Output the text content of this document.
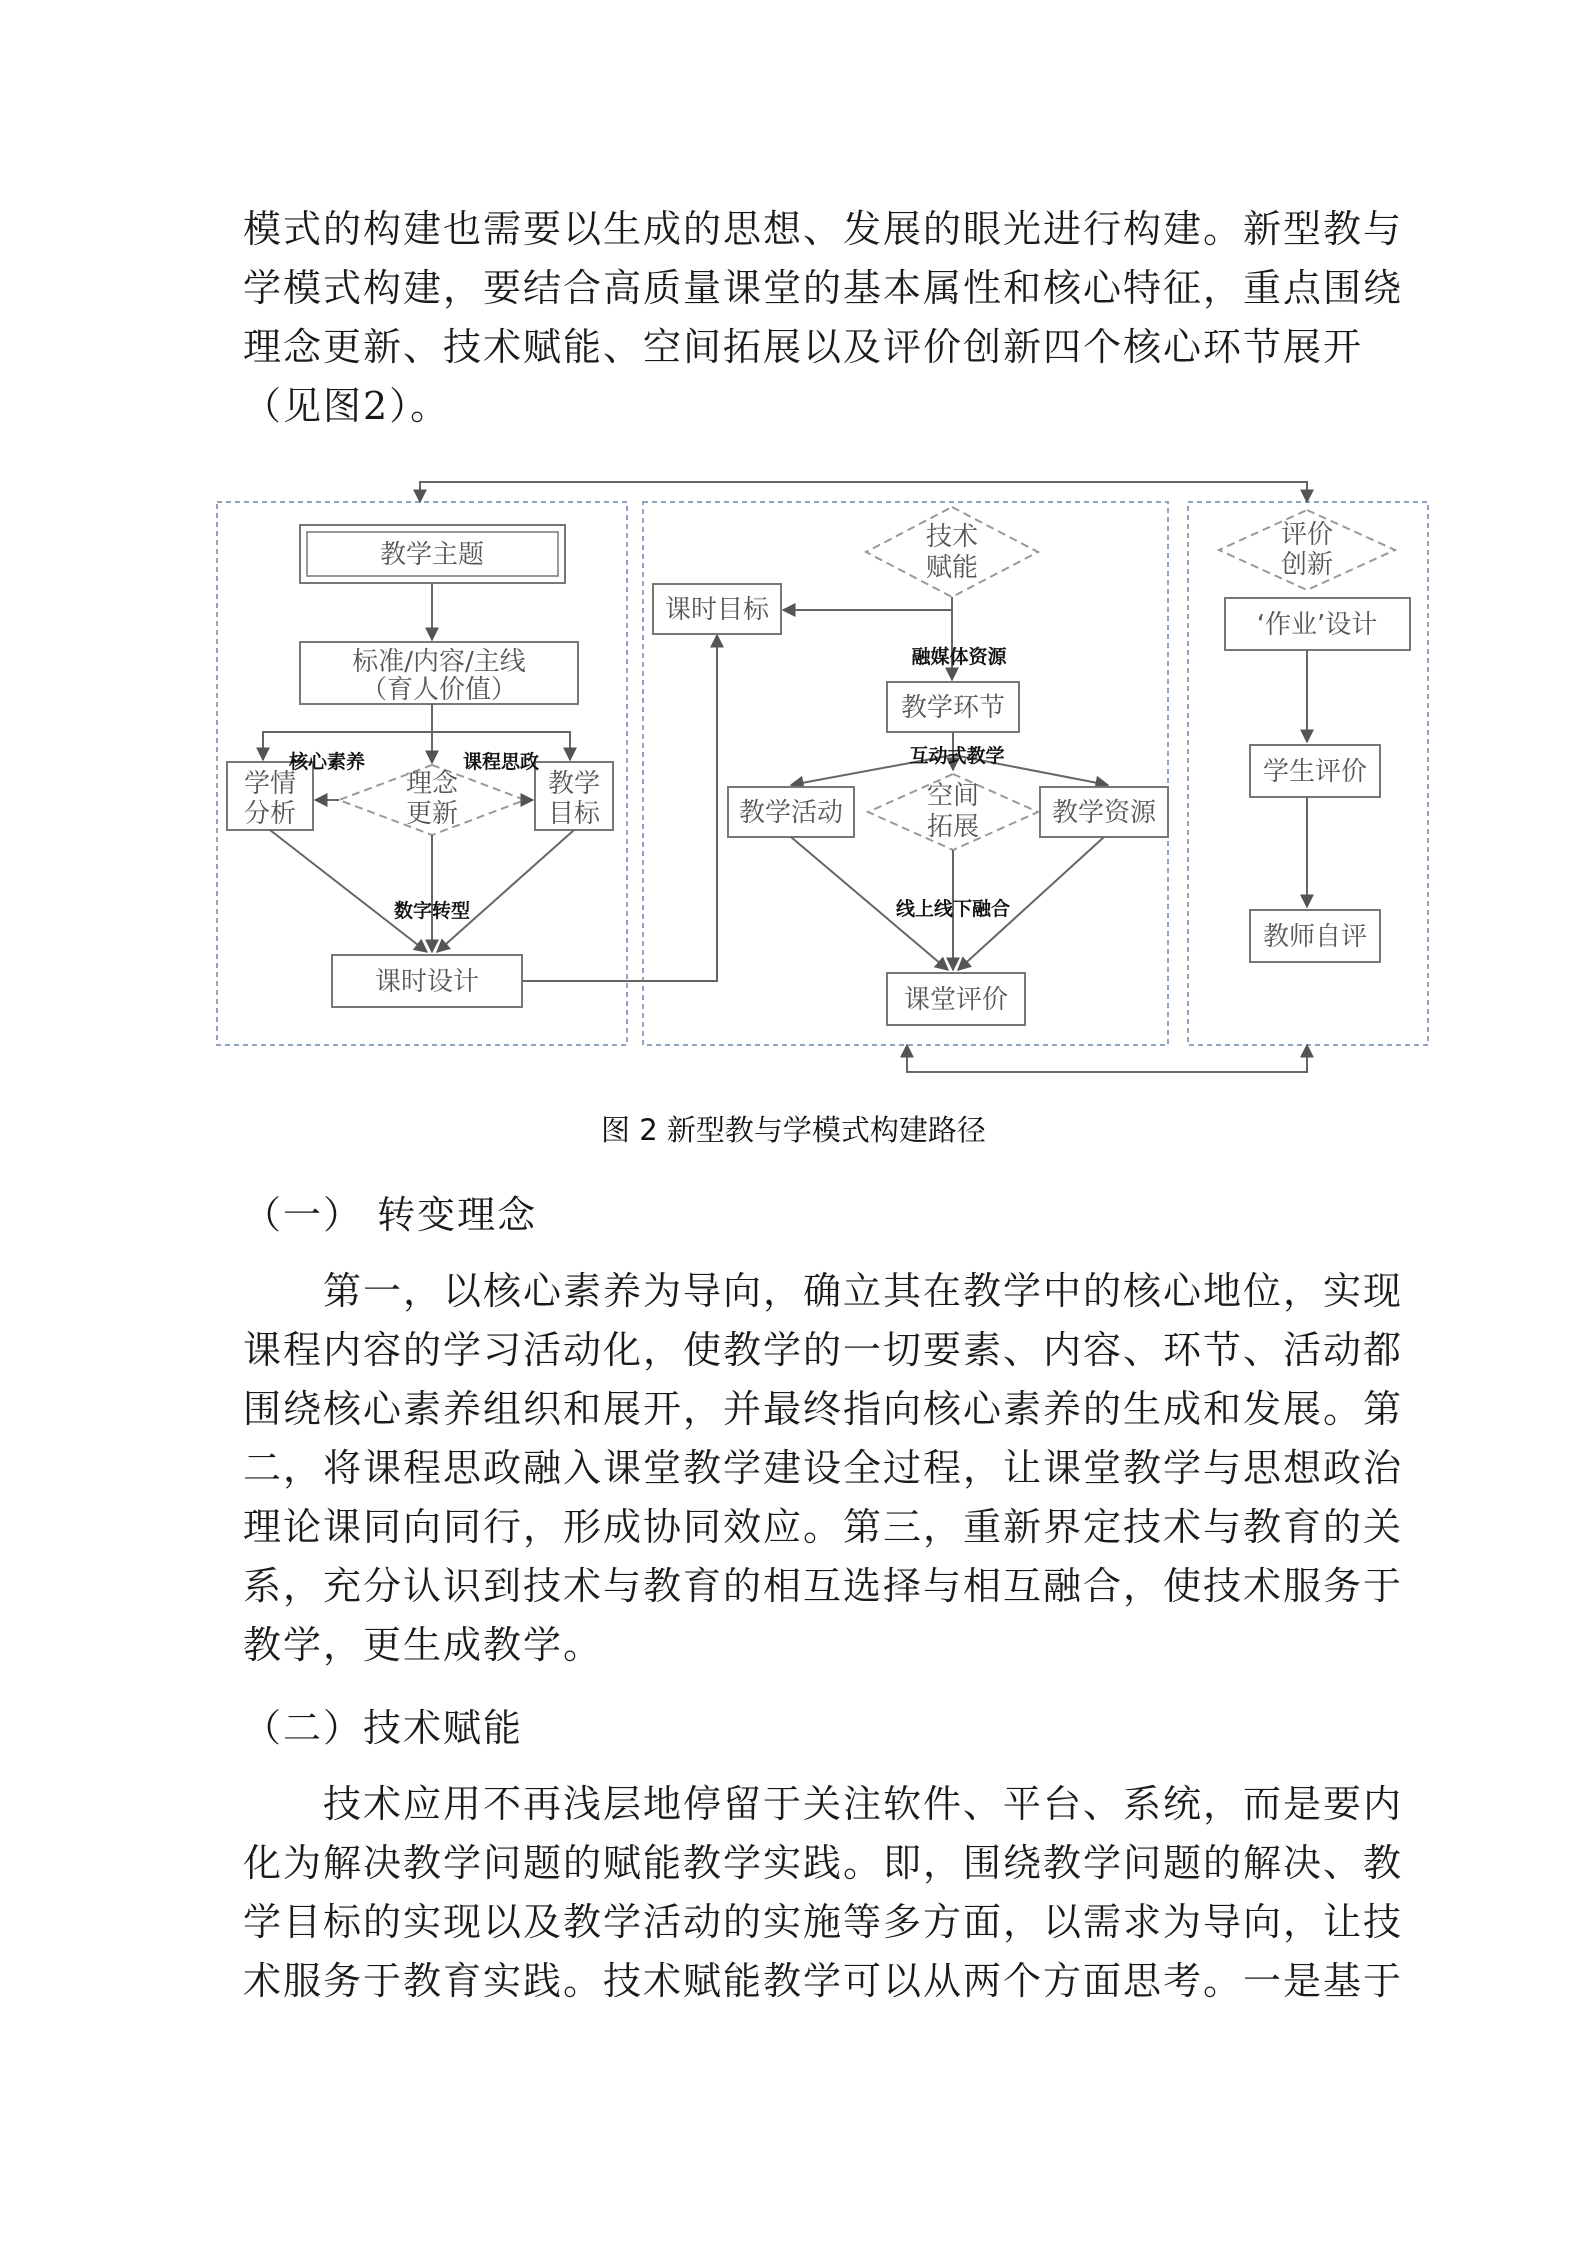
模式的构建也需要以生成的思想、发展的眼光进行构建。新型教与学模式构建，要结合高质量课堂的基本属性和核心特征，重点围绕理念更新、技术赋能、空间拓展以及评价创新四个核心环节展开（见图2）。

教学主题
标准/内容/主线
（育人价值）
学情
分析
理念
更新
教学
目标
核心素养	课程思政
数字转型
课时设计
课时目标
技术
赋能
融媒体资源
教学环节
互动式教学
教学活动
空间
拓展	教学资源
线上线下融合
课堂评价
评价
创新
‘作业’设计
学生评价
教师自评

图 2 新型教与学模式构建路径

（一） 转变理念

第一，以核心素养为导向，确立其在教学中的核心地位，实现课程内容的学习活动化，使教学的一切要素、内容、环节、活动都围绕核心素养组织和展开，并最终指向核心素养的生成和发展。第二，将课程思政融入课堂教学建设全过程，让课堂教学与思想政治理论课同向同行，形成协同效应。第三，重新界定技术与教育的关系，充分认识到技术与教育的相互选择与相互融合，使技术服务于教学，更生成教学。

（二）技术赋能

技术应用不再浅层地停留于关注软件、平台、系统，而是要内化为解决教学问题的赋能教学实践。即，围绕教学问题的解决、教学目标的实现以及教学活动的实施等多方面，以需求为导向，让技术服务于教育实践。技术赋能教学可以从两个方面思考。一是基于
